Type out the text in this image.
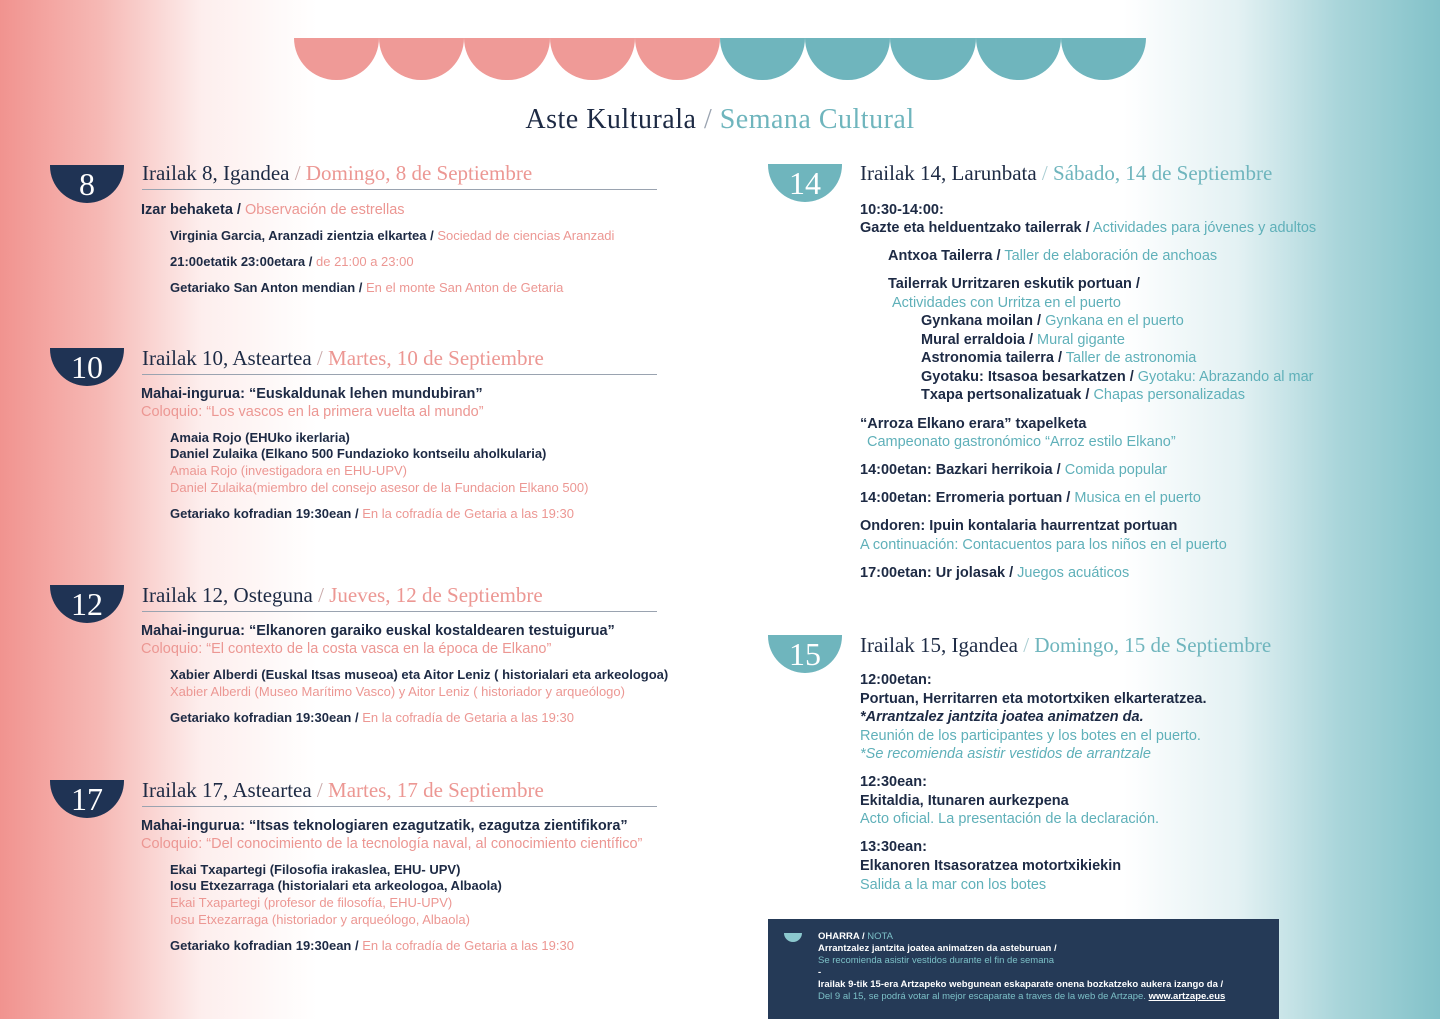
Aste Kulturala / Semana Cultural
8	Irailak 8, Igandea / Domingo, 8 de Septiembre
Izar behaketa / Observación de estrellas
Virginia Garcia, Aranzadi zientzia elkartea / Sociedad de ciencias Aranzadi
21:00etatik 23:00etara / de 21:00 a 23:00
Getariako San Anton mendian / En el monte San Anton de Getaria
10	Irailak 10, Asteartea / Martes, 10 de Septiembre
Mahai-ingurua: “Euskaldunak lehen mundubiran”
Coloquio: “Los vascos en la primera vuelta al mundo”
Amaia Rojo (EHUko ikerlaria)
Daniel Zulaika (Elkano 500 Fundazioko kontseilu aholkularia)
Amaia Rojo (investigadora en EHU-UPV)
Daniel Zulaika(miembro del consejo asesor de la Fundacion Elkano 500)
Getariako kofradian 19:30ean / En la cofradía de Getaria a las 19:30
12	Irailak 12, Osteguna / Jueves, 12 de Septiembre
Mahai-ingurua: “Elkanoren garaiko euskal kostaldearen testuigurua”
Coloquio: “El contexto de la costa vasca en la época de Elkano”
Xabier Alberdi (Euskal Itsas museoa) eta Aitor Leniz ( historialari eta arkeologoa)
Xabier Alberdi (Museo Marítimo Vasco) y Aitor Leniz ( historiador y arqueólogo)
Getariako kofradian 19:30ean / En la cofradía de Getaria a las 19:30
17	Irailak 17, Asteartea / Martes, 17 de Septiembre
Mahai-ingurua: “Itsas teknologiaren ezagutzatik, ezagutza zientifikora”
Coloquio: “Del conocimiento de la tecnología naval, al conocimiento científico”
Ekai Txapartegi (Filosofia irakaslea, EHU- UPV)
Iosu Etxezarraga (historialari eta arkeologoa, Albaola)
Ekai Txapartegi (profesor de filosofía, EHU-UPV)
Iosu Etxezarraga (historiador y arqueólogo, Albaola)
Getariako kofradian 19:30ean / En la cofradía de Getaria a las 19:30
14	Irailak 14, Larunbata / Sábado, 14 de Septiembre
10:30-14:00:
Gazte eta helduentzako tailerrak / Actividades para jóvenes y adultos
Antxoa Tailerra / Taller de elaboración de anchoas
Tailerrak Urritzaren eskutik portuan /
Actividades con Urritza en el puerto
Gynkana moilan / Gynkana en el puerto
Mural erraldoia / Mural gigante
Astronomia tailerra / Taller de astronomia
Gyotaku: Itsasoa besarkatzen / Gyotaku: Abrazando al mar
Txapa pertsonalizatuak / Chapas personalizadas
“Arroza Elkano erara” txapelketa
Campeonato gastronómico “Arroz estilo Elkano”
14:00etan: Bazkari herrikoia / Comida popular
14:00etan: Erromeria portuan / Musica en el puerto
Ondoren: Ipuin kontalaria haurrentzat portuan
A continuación: Contacuentos para los niños en el puerto
17:00etan: Ur jolasak / Juegos acuáticos
15	Irailak 15, Igandea / Domingo, 15 de Septiembre
12:00etan:
Portuan, Herritarren eta motortxiken elkarteratzea.
*Arrantzalez jantzita joatea animatzen da.
Reunión de los participantes y los botes en el puerto.
*Se recomienda asistir vestidos de arrantzale
12:30ean:
Ekitaldia, Itunaren aurkezpena
Acto oficial. La presentación de la declaración.
13:30ean:
Elkanoren Itsasoratzea motortxikiekin
Salida a la mar con los botes
OHARRA / NOTA
Arrantzalez jantzita joatea animatzen da asteburuan /
Se recomienda asistir vestidos durante el fin de semana
-
Irailak 9-tik 15-era Artzapeko webgunean eskaparate onena bozkatzeko aukera izango da /
Del 9 al 15, se podrá votar al mejor escaparate a traves de la web de Artzape. www.artzape.eus
